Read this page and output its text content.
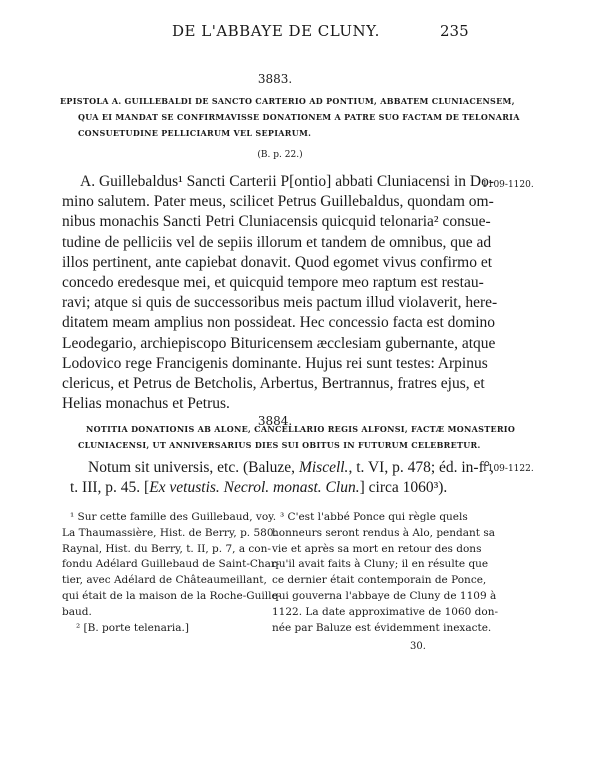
DE L'ABBAYE DE CLUNY.	235
3883.
EPISTOLA A. GUILLEBALDI DE SANCTO CARTERIO AD PONTIUM, ABBATEM CLUNIACENSEM,
QUA EI MANDAT SE CONFIRMAVISSE DONATIONEM A PATRE SUO FACTAM DE TELONARIA
CONSUETUDINE PELLICIARUM VEL SEPIARUM.
(B. p. 22.)
1109-1120.
A. Guillebaldus¹ Sancti Carterii P[ontio] abbati Cluniacensi in Do-
mino salutem. Pater meus, scilicet Petrus Guillebaldus, quondam om-
nibus monachis Sancti Petri Cluniacensis quicquid telonaria² consue-
tudine de pelliciis vel de sepiis illorum et tandem de omnibus, que ad
illos pertinent, ante capiebat donavit. Quod egomet vivus confirmo et
concedo eredesque mei, et quicquid tempore meo raptum est restau-
ravi; atque si quis de successoribus meis pactum illud violaverit, here-
ditatem meam amplius non possideat. Hec concessio facta est domino
Leodegario, archiepiscopo Bituricensem æcclesiam gubernante, atque
Lodovico rege Francigenis dominante. Hujus rei sunt testes: Arpinus
clericus, et Petrus de Betcholis, Arbertus, Bertrannus, fratres ejus, et
Helias monachus et Petrus.
3884.
NOTITIA DONATIONIS AB ALONE, CANCELLARIO REGIS ALFONSI, FACTÆ MONASTERIO
CLUNIACENSI, UT ANNIVERSARIUS DIES SUI OBITUS IN FUTURUM CELEBRETUR.
1109-1122.
Notum sit universis, etc. (Baluze, Miscell., t. VI, p. 478; éd. in-f°,
t. III, p. 45. [Ex vetustis. Necrol. monast. Clun.] circa 1060³).
¹ Sur cette famille des Guillebaud, voy.
La Thaumassière, Hist. de Berry, p. 580.
Raynal, Hist. du Berry, t. II, p. 7, a con-
fondu Adélard Guillebaud de Saint-Char-
tier, avec Adélard de Châteaumeillant,
qui était de la maison de la Roche-Guille-
baud.
² [B. porte telenaria.]
³ C'est l'abbé Ponce qui règle quels
honneurs seront rendus à Alo, pendant sa
vie et après sa mort en retour des dons
qu'il avait faits à Cluny; il en résulte que
ce dernier était contemporain de Ponce,
qui gouverna l'abbaye de Cluny de 1109 à
1122. La date approximative de 1060 don-
née par Baluze est évidemment inexacte.
30.
